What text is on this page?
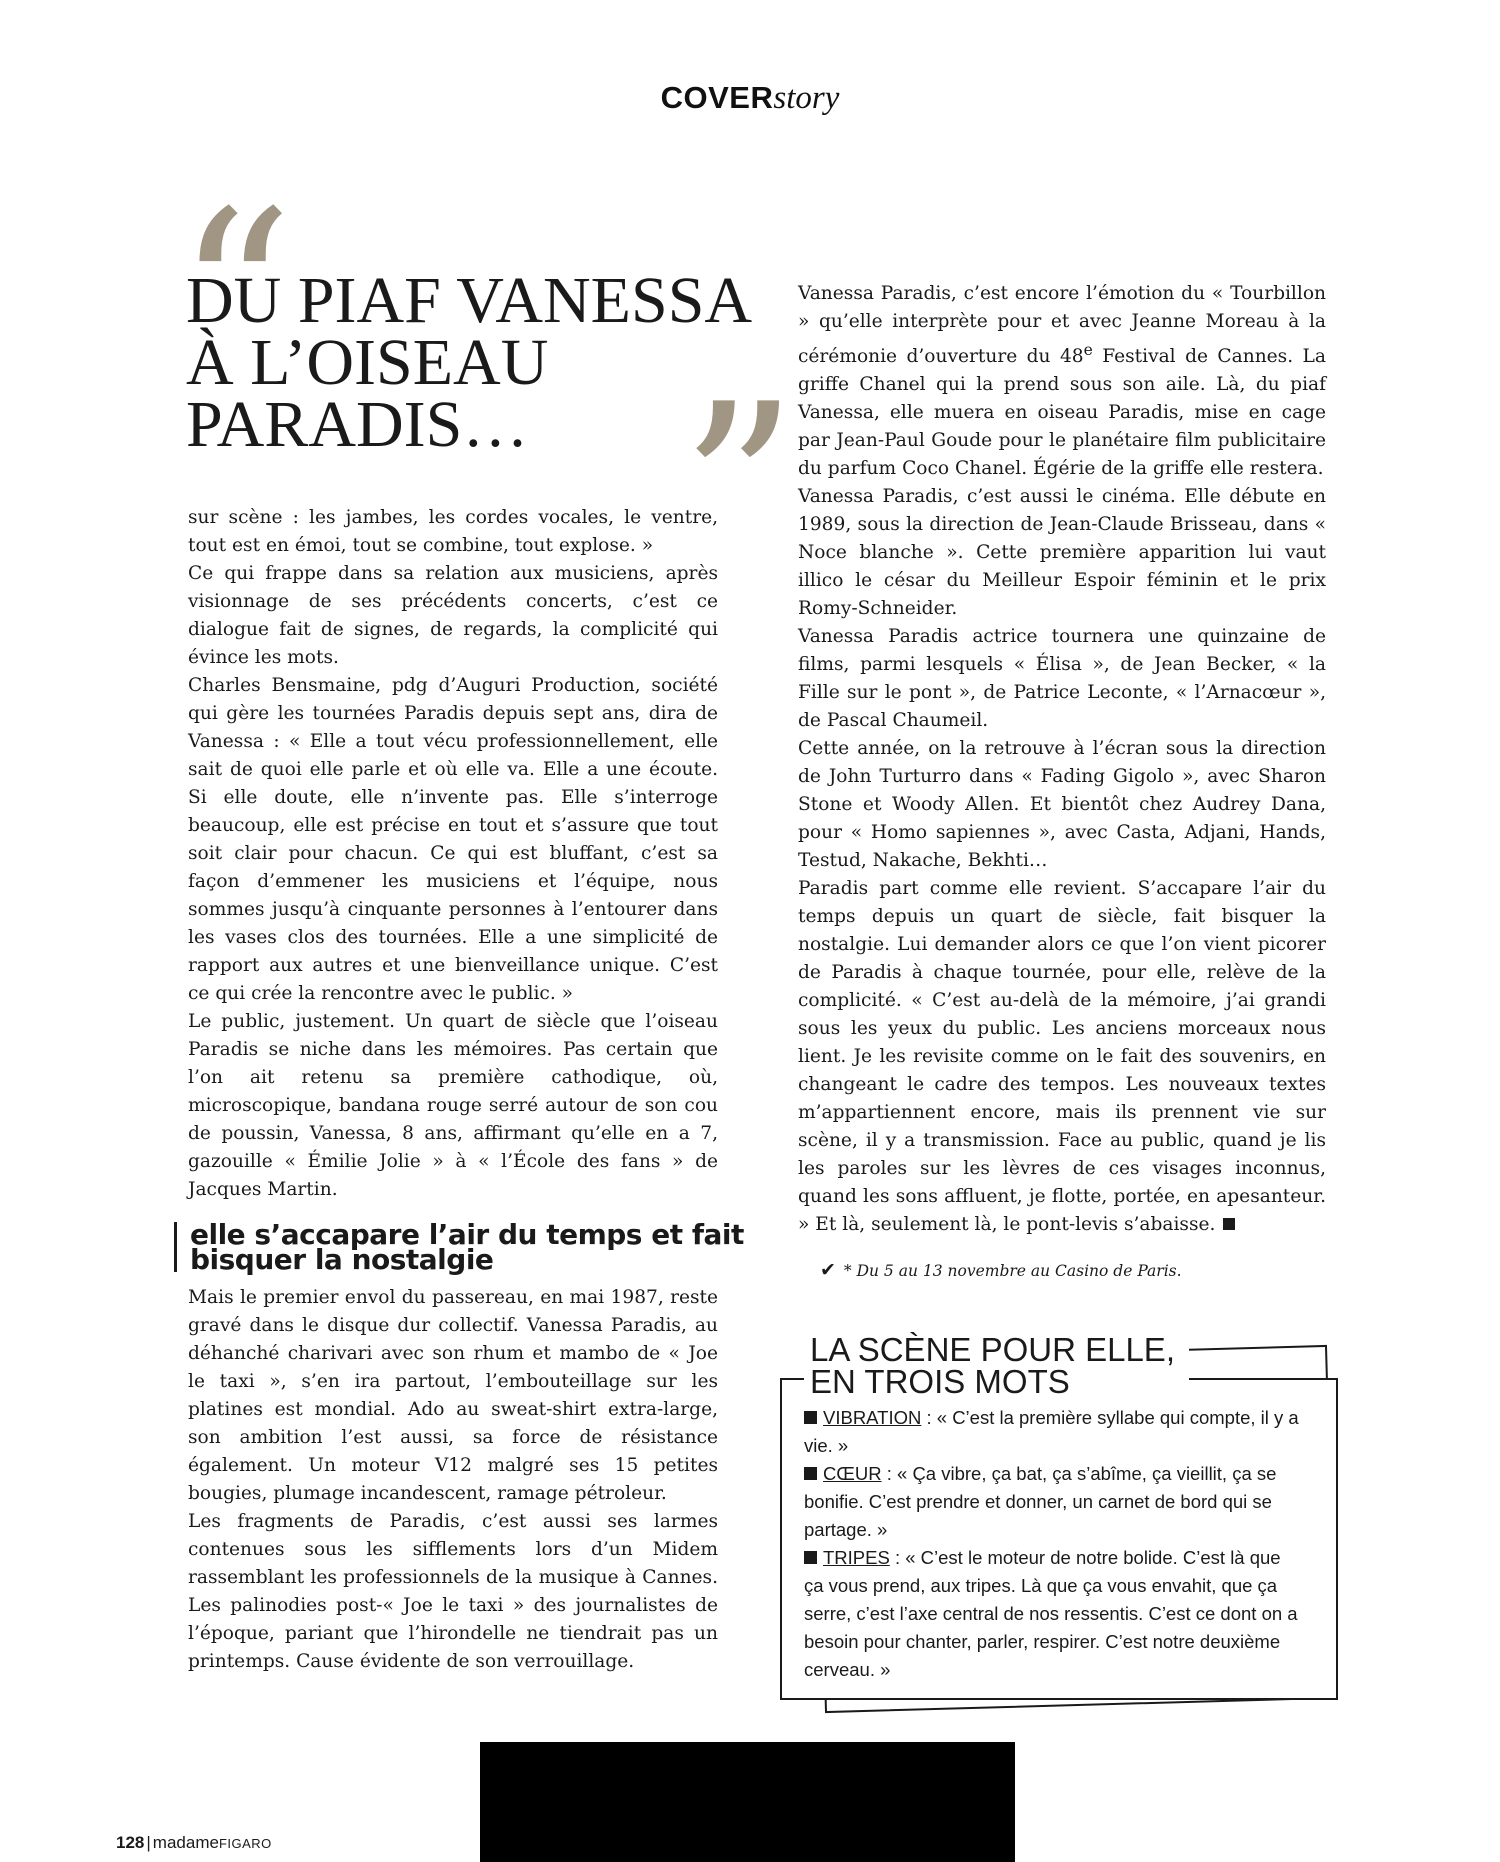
COVERstory
“
DU PIAF VANESSA
À L’OISEAU
PARADIS… ”

sur scène : les jambes, les cordes vocales, le ventre, tout est en émoi, tout se combine, tout explose. »

Ce qui frappe dans sa relation aux musiciens, après visionnage de ses précédents concerts, c’est ce dialogue fait de signes, de regards, la complicité qui évince les mots.

Charles Bensmaine, pdg d’Auguri Production, société qui gère les tournées Paradis depuis sept ans, dira de Vanessa : « Elle a tout vécu professionnellement, elle sait de quoi elle parle et où elle va. Elle a une écoute. Si elle doute, elle n’invente pas. Elle s’interroge beaucoup, elle est précise en tout et s’assure que tout soit clair pour chacun. Ce qui est bluffant, c’est sa façon d’emmener les musiciens et l’équipe, nous sommes jusqu’à cinquante personnes à l’entourer dans les vases clos des tournées. Elle a une simplicité de rapport aux autres et une bienveillance unique. C’est ce qui crée la rencontre avec le public. »

Le public, justement. Un quart de siècle que l’oiseau Paradis se niche dans les mémoires. Pas certain que l’on ait retenu sa première cathodique, où, microscopique, bandana rouge serré autour de son cou de poussin, Vanessa, 8 ans, affirmant qu’elle en a 7, gazouille « Émilie Jolie » à « l’École des fans » de Jacques Martin.

elle s’accapare l’air du temps et fait bisquer la nostalgie

Mais le premier envol du passereau, en mai 1987, reste gravé dans le disque dur collectif. Vanessa Paradis, au déhanché charivari avec son rhum et mambo de « Joe le taxi », s’en ira partout, l’embouteillage sur les platines est mondial. Ado au sweat-shirt extra-large, son ambition l’est aussi, sa force de résistance également. Un moteur V12 malgré ses 15 petites bougies, plumage incandescent, ramage pétroleur.

Les fragments de Paradis, c’est aussi ses larmes contenues sous les sifflements lors d’un Midem rassemblant les professionnels de la musique à Cannes. Les palinodies post-« Joe le taxi » des journalistes de l’époque, pariant que l’hirondelle ne tiendrait pas un printemps. Cause évidente de son verrouillage.

Vanessa Paradis, c’est encore l’émotion du « Tourbillon » qu’elle interprète pour et avec Jeanne Moreau à la cérémonie d’ouverture du 48e Festival de Cannes. La griffe Chanel qui la prend sous son aile. Là, du piaf Vanessa, elle muera en oiseau Paradis, mise en cage par Jean-Paul Goude pour le planétaire film publicitaire du parfum Coco Chanel. Égérie de la griffe elle restera.

Vanessa Paradis, c’est aussi le cinéma. Elle débute en 1989, sous la direction de Jean-Claude Brisseau, dans « Noce blanche ». Cette première apparition lui vaut illico le césar du Meilleur Espoir féminin et le prix Romy-Schneider.

Vanessa Paradis actrice tournera une quinzaine de films, parmi lesquels « Élisa », de Jean Becker, « la Fille sur le pont », de Patrice Leconte, « l’Arnacœur », de Pascal Chaumeil.

Cette année, on la retrouve à l’écran sous la direction de John Turturro dans « Fading Gigolo », avec Sharon Stone et Woody Allen. Et bientôt chez Audrey Dana, pour « Homo sapiennes », avec Casta, Adjani, Hands, Testud, Nakache, Bekhti…

Paradis part comme elle revient. S’accapare l’air du temps depuis un quart de siècle, fait bisquer la nostalgie. Lui demander alors ce que l’on vient picorer de Paradis à chaque tournée, pour elle, relève de la complicité. « C’est au-delà de la mémoire, j’ai grandi sous les yeux du public. Les anciens morceaux nous lient. Je les revisite comme on le fait des souvenirs, en changeant le cadre des tempos. Les nouveaux textes m’appartiennent encore, mais ils prennent vie sur scène, il y a transmission. Face au public, quand je lis les paroles sur les lèvres de ces visages inconnus, quand les sons affluent, je flotte, portée, en apesanteur. » Et là, seulement là, le pont-levis s’abaisse.

✔ * Du 5 au 13 novembre au Casino de Paris.
LA SCÈNE POUR ELLE,
EN TROIS MOTS

VIBRATION : « C’est la première syllabe qui compte, il y a vie. »

CŒUR : « Ça vibre, ça bat, ça s’abîme, ça vieillit, ça se bonifie. C’est prendre et donner, un carnet de bord qui se partage. »

TRIPES : « C’est le moteur de notre bolide. C’est là que ça vous prend, aux tripes. Là que ça vous envahit, que ça serre, c’est l’axe central de nos ressentis. C’est ce dont on a besoin pour chanter, parler, respirer. C’est notre deuxième cerveau. »

128 | madameFIGARO
